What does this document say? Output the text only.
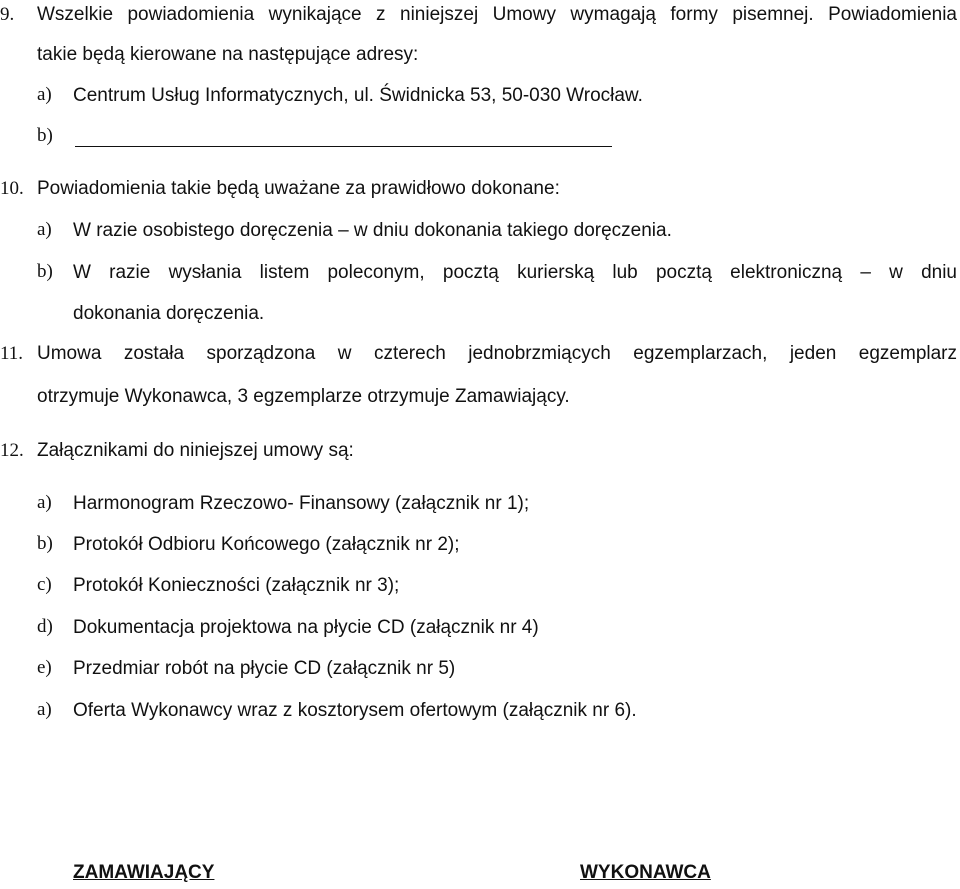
9. Wszelkie powiadomienia wynikające z niniejszej Umowy wymagają formy pisemnej. Powiadomienia
takie będą kierowane na następujące adresy:
a) Centrum Usług Informatycznych, ul. Świdnicka 53, 50-030 Wrocław.
b)
10. Powiadomienia takie będą uważane za prawidłowo dokonane:
a) W razie osobistego doręczenia – w dniu dokonania takiego doręczenia.
b) W razie wysłania listem poleconym, pocztą kurierską lub pocztą elektroniczną – w dniu
dokonania doręczenia.
11. Umowa została sporządzona w czterech jednobrzmiących egzemplarzach, jeden egzemplarz
otrzymuje Wykonawca, 3 egzemplarze otrzymuje Zamawiający.
12. Załącznikami do niniejszej umowy są:
a) Harmonogram Rzeczowo- Finansowy (załącznik nr 1);
b) Protokół Odbioru Końcowego (załącznik nr 2);
c) Protokół Konieczności (załącznik nr 3);
d) Dokumentacja projektowa na płycie CD (załącznik nr 4)
e) Przedmiar robót na płycie CD (załącznik nr 5)
a) Oferta Wykonawcy wraz z kosztorysem ofertowym (załącznik nr 6).
ZAMAWIAJĄCY	WYKONAWCA
